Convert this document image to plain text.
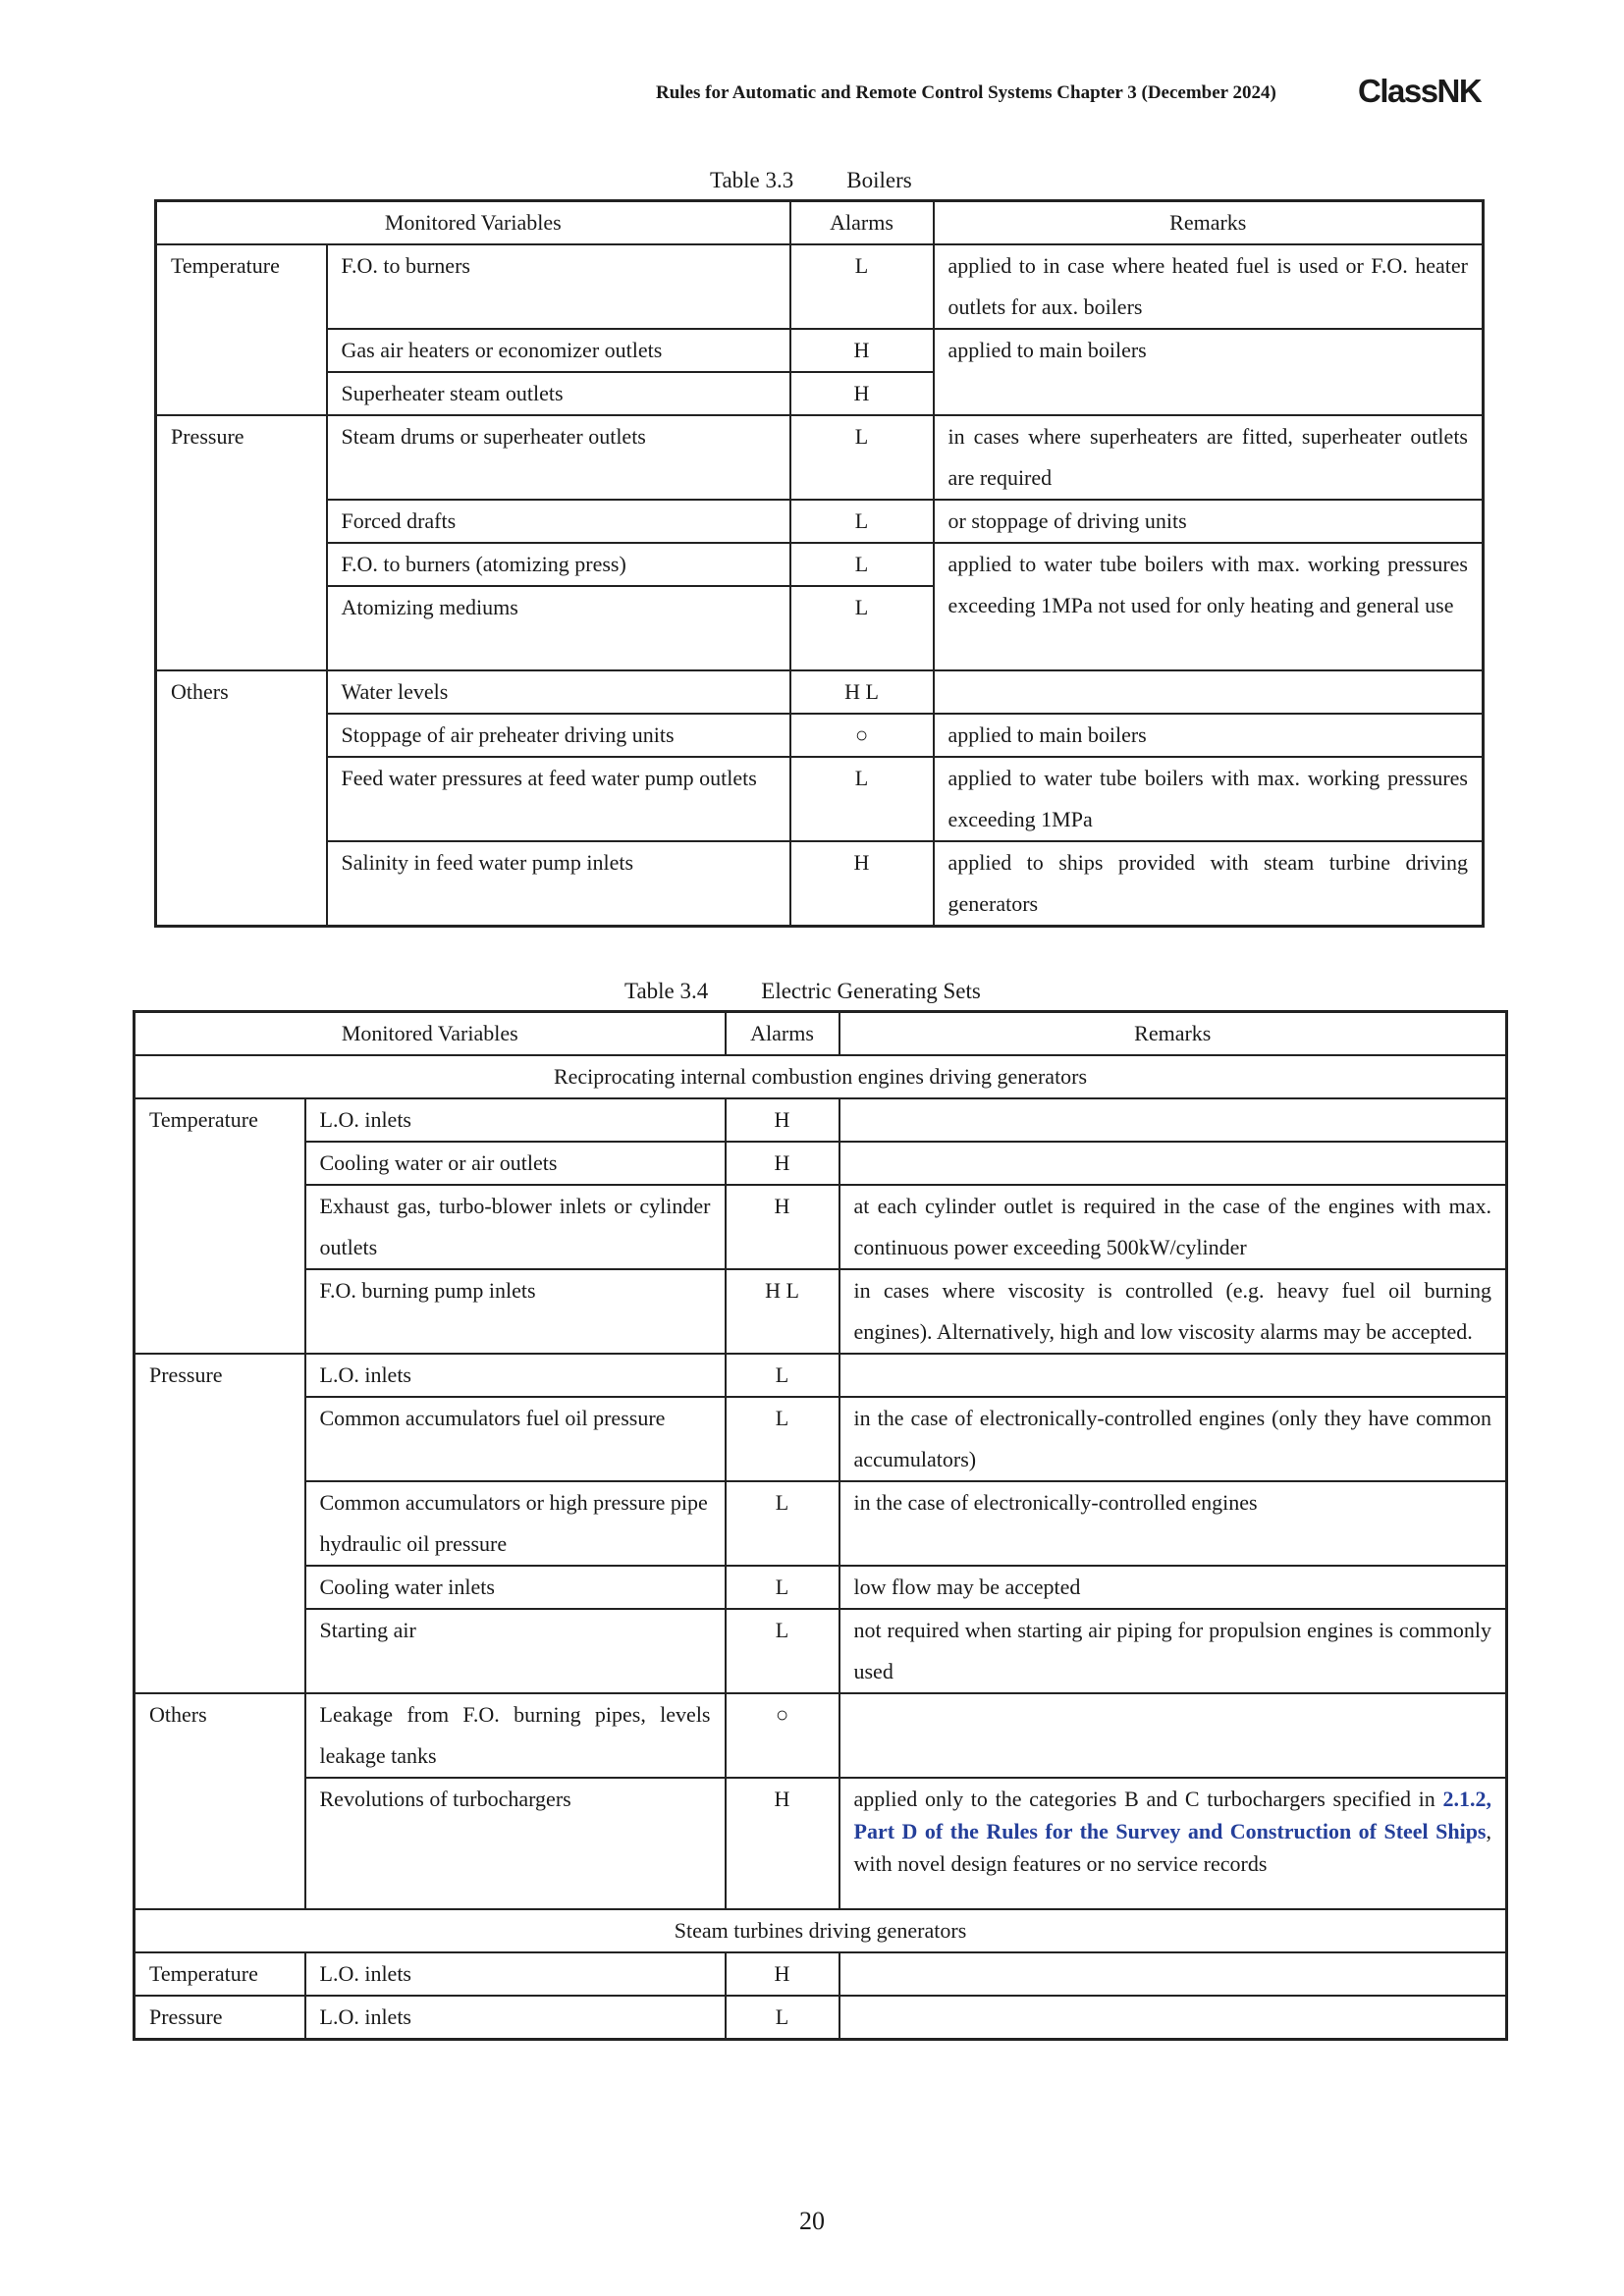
Rules for Automatic and Remote Control Systems Chapter 3 (December 2024)	ClassNK
Table 3.3 Boilers
Monitored Variables		Alarms	Remarks
Temperature	F.O. to burners	L	applied to in case where heated fuel is used or F.O. heater outlets for aux. boilers
	Gas air heaters or economizer outlets	H	applied to main boilers
	Superheater steam outlets	H	
Pressure	Steam drums or superheater outlets	L	in cases where superheaters are fitted, superheater outlets are required
	Forced drafts	L	or stoppage of driving units
	F.O. to burners (atomizing press)	L	applied to water tube boilers with max. working pressures exceeding 1MPa not used for only heating and general use
	Atomizing mediums	L	
Others	Water levels	H L	
	Stoppage of air preheater driving units	○	applied to main boilers
	Feed water pressures at feed water pump outlets	L	applied to water tube boilers with max. working pressures exceeding 1MPa
	Salinity in feed water pump inlets	H	applied to ships provided with steam turbine driving generators
Table 3.4 Electric Generating Sets
Monitored Variables		Alarms	Remarks
Reciprocating internal combustion engines driving generators			
Temperature	L.O. inlets	H	
	Cooling water or air outlets	H	
	Exhaust gas, turbo-blower inlets or cylinder outlets	H	at each cylinder outlet is required in the case of the engines with max. continuous power exceeding 500kW/cylinder
	F.O. burning pump inlets	H L	in cases where viscosity is controlled (e.g. heavy fuel oil burning engines). Alternatively, high and low viscosity alarms may be accepted.
Pressure	L.O. inlets	L	
	Common accumulators fuel oil pressure	L	in the case of electronically-controlled engines (only they have common accumulators)
	Common accumulators or high pressure pipe hydraulic oil pressure	L	in the case of electronically-controlled engines
	Cooling water inlets	L	low flow may be accepted
	Starting air	L	not required when starting air piping for propulsion engines is commonly used
Others	Leakage from F.O. burning pipes, levels leakage tanks	○	
	Revolutions of turbochargers	H	applied only to the categories B and C turbochargers specified in 2.1.2, Part D of the Rules for the Survey and Construction of Steel Ships, with novel design features or no service records
Steam turbines driving generators			
Temperature	L.O. inlets	H	
Pressure	L.O. inlets	L	
20
